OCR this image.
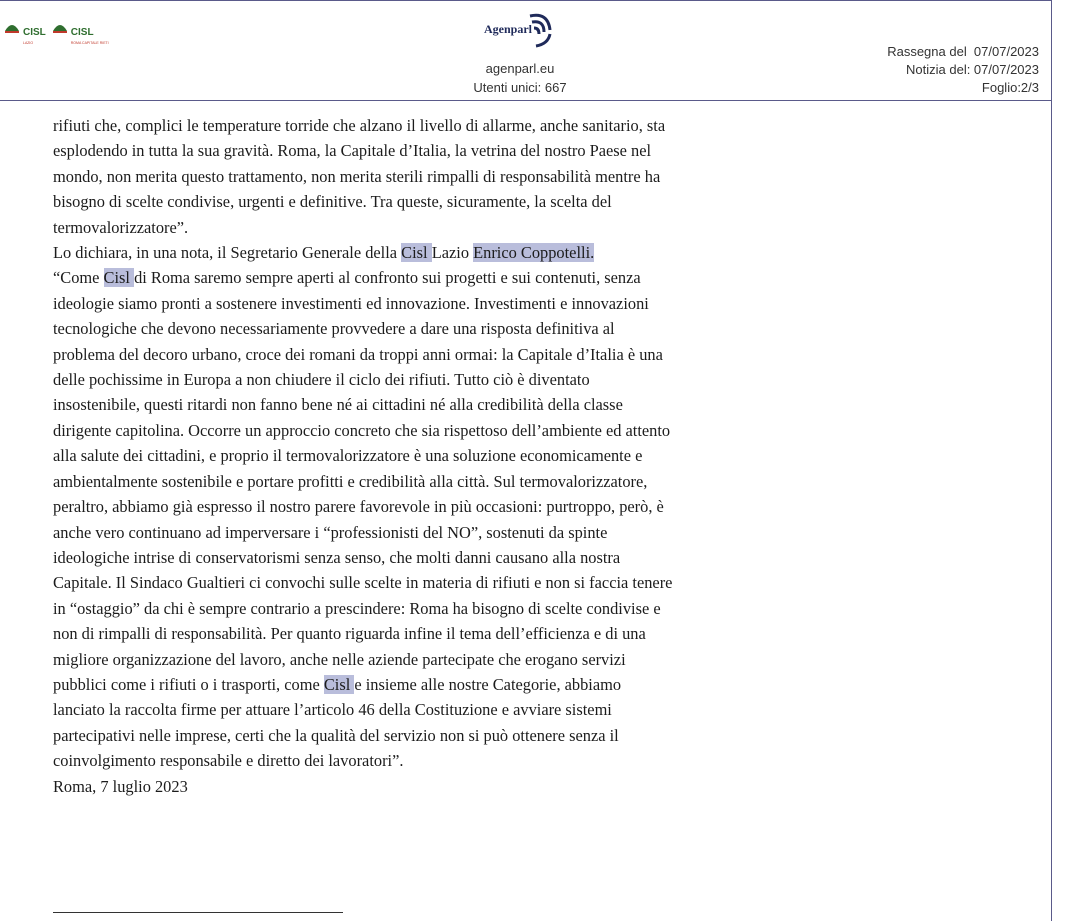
CISL
LAZIO
CISL
ROMA CAPITALE RIETI
Agenparl
agenparl.eu
Utenti unici: 667
Rassegna del  07/07/2023
Notizia del: 07/07/2023
Foglio:2/3

rifiuti che, complici le temperature torride che alzano il livello di allarme, anche sanitario, sta esplodendo in tutta la sua gravità. Roma, la Capitale d’Italia, la vetrina del nostro Paese nel mondo, non merita questo trattamento, non merita sterili rimpalli di responsabilità mentre ha bisogno di scelte condivise, urgenti e definitive. Tra queste, sicuramente, la scelta del termovalorizzatore”.

Lo dichiara, in una nota, il Segretario Generale della Cisl Lazio Enrico Coppotelli.

“Come Cisl di Roma saremo sempre aperti al confronto sui progetti e sui contenuti, senza ideologie siamo pronti a sostenere investimenti ed innovazione. Investimenti e innovazioni tecnologiche che devono necessariamente provvedere a dare una risposta definitiva al problema del decoro urbano, croce dei romani da troppi anni ormai: la Capitale d’Italia è una delle pochissime in Europa a non chiudere il ciclo dei rifiuti. Tutto ciò è diventato insostenibile, questi ritardi non fanno bene né ai cittadini né alla credibilità della classe dirigente capitolina. Occorre un approccio concreto che sia rispettoso dell’ambiente ed attento alla salute dei cittadini, e proprio il termovalorizzatore è una soluzione economicamente e ambientalmente sostenibile e portare profitti e credibilità alla città. Sul termovalorizzatore, peraltro, abbiamo già espresso il nostro parere favorevole in più occasioni: purtroppo, però, è anche vero continuano ad imperversare i “professionisti del NO”, sostenuti da spinte ideologiche intrise di conservatorismi senza senso, che molti danni causano alla nostra Capitale. Il Sindaco Gualtieri ci convochi sulle scelte in materia di rifiuti e non si faccia tenere in “ostaggio” da chi è sempre contrario a prescindere: Roma ha bisogno di scelte condivise e non di rimpalli di responsabilità. Per quanto riguarda infine il tema dell’efficienza e di una migliore organizzazione del lavoro, anche nelle aziende partecipate che erogano servizi pubblici come i rifiuti o i trasporti, come Cisl e insieme alle nostre Categorie, abbiamo lanciato la raccolta firme per attuare l’articolo 46 della Costituzione e avviare sistemi partecipativi nelle imprese, certi che la qualità del servizio non si può ottenere senza il coinvolgimento responsabile e diretto dei lavoratori”.

Roma, 7 luglio 2023
